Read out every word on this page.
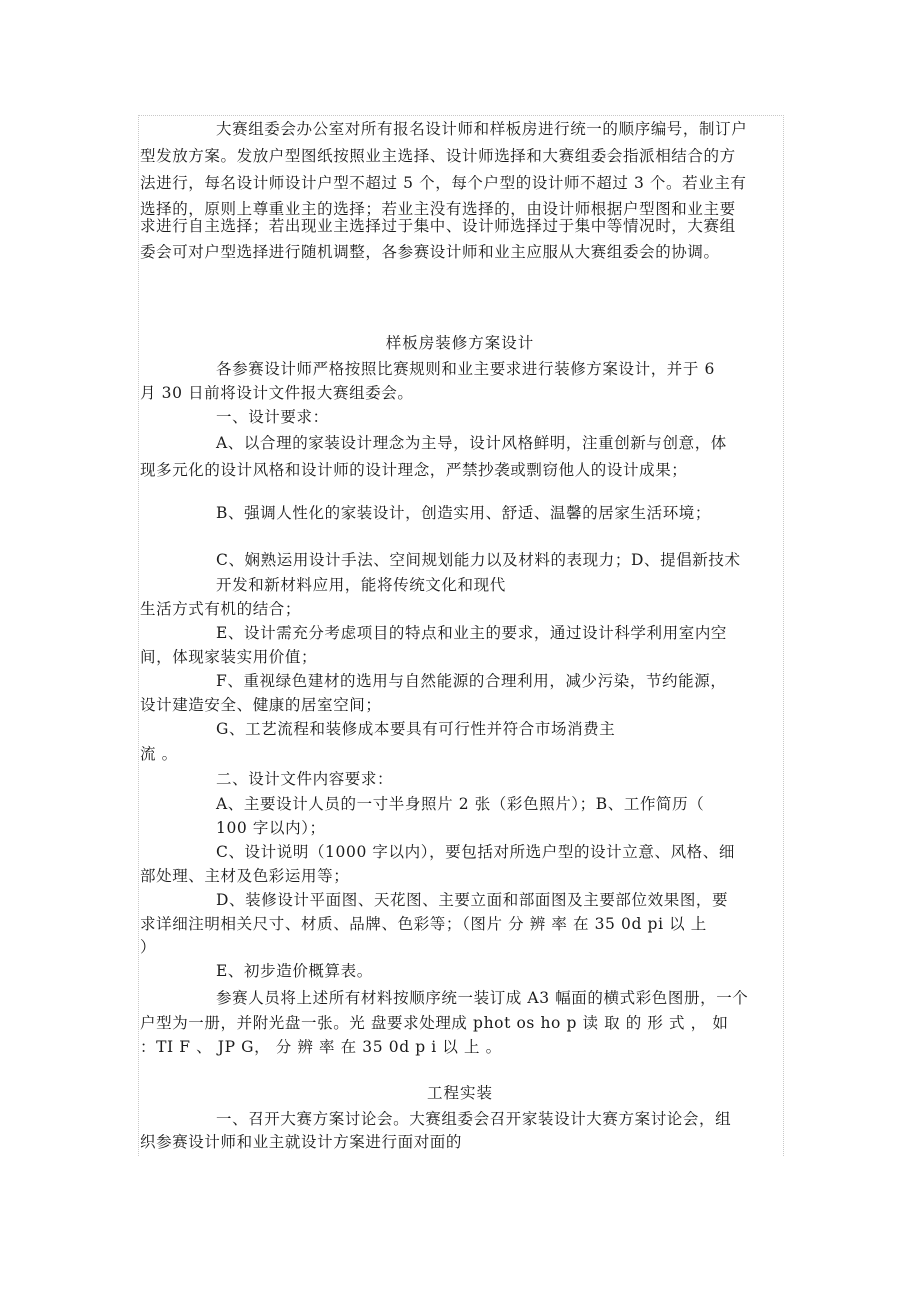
大赛组委会办公室对所有报名设计师和样板房进行统一的顺序编号，制订户

型发放方案。发放户型图纸按照业主选择、设计师选择和大赛组委会指派相结合的方

法进行，每名设计师设计户型不超过 5 个，每个户型的设计师不超过 3 个。若业主有

选择的，原则上尊重业主的选择；若业主没有选择的，由设计师根据户型图和业主要

求进行自主选择；若出现业主选择过于集中、设计师选择过于集中等情况时，大赛组

委会可对户型选择进行随机调整，各参赛设计师和业主应服从大赛组委会的协调。

样板房装修方案设计

各参赛设计师严格按照比赛规则和业主要求进行装修方案设计，并于 6

月 30 日前将设计文件报大赛组委会。

一、设计要求：

A、以合理的家装设计理念为主导，设计风格鲜明，注重创新与创意，体

现多元化的设计风格和设计师的设计理念，严禁抄袭或剽窃他人的设计成果；

B、强调人性化的家装设计，创造实用、舒适、温馨的居家生活环境；

C、娴熟运用设计手法、空间规划能力以及材料的表现力；D、提倡新技术

开发和新材料应用，能将传统文化和现代

生活方式有机的结合；

E、设计需充分考虑项目的特点和业主的要求，通过设计科学利用室内空

间，体现家装实用价值；

F、重视绿色建材的选用与自然能源的合理利用，减少污染，节约能源，

设计建造安全、健康的居室空间；

G、工艺流程和装修成本要具有可行性并符合市场消费主

流 。

二、设计文件内容要求：

A、主要设计人员的一寸半身照片 2 张（彩色照片）；B、工作简历（

100 字以内）；

C、设计说明（1000 字以内），要包括对所选户型的设计立意、风格、细

部处理、主材及色彩运用等；

D、装修设计平面图、天花图、主要立面和部面图及主要部位效果图，要

求详细注明相关尺寸、材质、品牌、色彩等；（图片 分 辨 率 在 35 0d pi 以 上

）

E、初步造价概算表。

参赛人员将上述所有材料按顺序统一装订成 A3 幅面的横式彩色图册，一个

户型为一册，并附光盘一张。光 盘要求处理成 phot os ho p 读 取 的 形 式 ， 如

：TI F 、 JP G， 分 辨 率 在 35 0d p i 以 上 。

工程实装

一、召开大赛方案讨论会。大赛组委会召开家装设计大赛方案讨论会，组

织参赛设计师和业主就设计方案进行面对面的
